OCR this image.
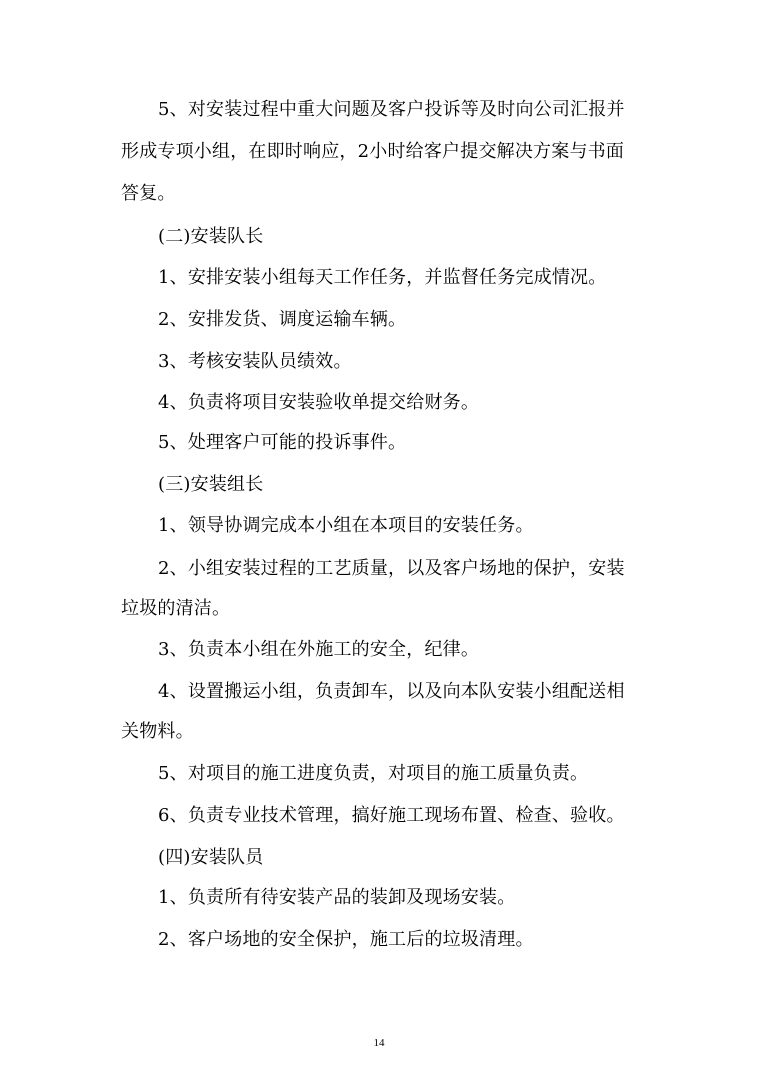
5、对安装过程中重大问题及客户投诉等及时向公司汇报并
形成专项小组，在即时响应，2小时给客户提交解决方案与书面
答复。
(二)安装队长
1、安排安装小组每天工作任务，并监督任务完成情况。
2、安排发货、调度运输车辆。
3、考核安装队员绩效。
4、负责将项目安装验收单提交给财务。
5、处理客户可能的投诉事件。
(三)安装组长
1、领导协调完成本小组在本项目的安装任务。
2、小组安装过程的工艺质量，以及客户场地的保护，安装
垃圾的清洁。
3、负责本小组在外施工的安全，纪律。
4、设置搬运小组，负责卸车，以及向本队安装小组配送相
关物料。
5、对项目的施工进度负责，对项目的施工质量负责。
6、负责专业技术管理，搞好施工现场布置、检查、验收。
(四)安装队员
1、负责所有待安装产品的装卸及现场安装。
2、客户场地的安全保护，施工后的垃圾清理。
14
